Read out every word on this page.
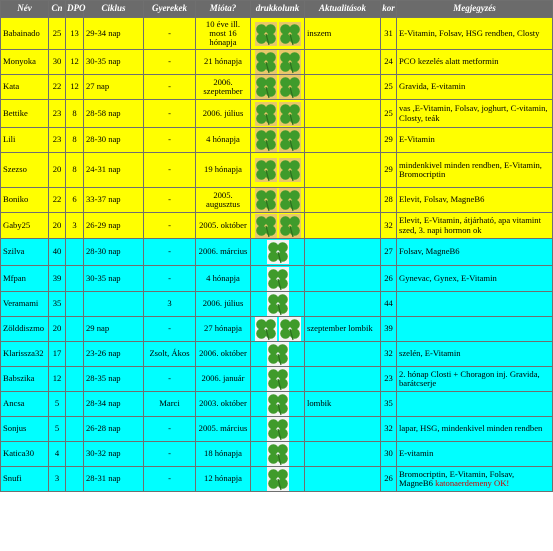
Név	Cn	DPO	Ciklus	Gyerekek	Mióta?	drukkolunk	Aktualitások	kor	Megjegyzés
Babainado	25	13	29-34 nap	-	10 éve ill. most 16 hónapja		inszem	31	E-Vitamin, Folsav, HSG rendben, Closty
Monyoka	30	12	30-35 nap	-	21 hónapja			24	PCO kezelés alatt metformin
Kata	22	12	27 nap	-	2006. szeptember			25	Gravida, E-vitamin
Bettike	23	8	28-58 nap	-	2006. július			25	vas ,E-Vitamin, Folsav, joghurt, C-vitamin, Closty, teák
Lili	23	8	28-30 nap	-	4 hónapja			29	E-Vitamin
Szezso	20	8	24-31 nap	-	19 hónapja			29	mindenkivel minden rendben, E-Vitamin, Bromocriptin
Boniko	22	6	33-37 nap	-	2005. augusztus			28	Elevit, Folsav, MagneB6
Gaby25	20	3	26-29 nap	-	2005. október			32	Elevit, E-Vitamin, átjárható, apa vitamint szed, 3. napi hormon ok
Szilva	40		28-30 nap	-	2006. március			27	Folsav, MagneB6
Mfpan	39		30-35 nap	-	4 hónapja			26	Gynevac, Gynex, E-Vitamin
Veramami	35			3	2006. július			44	
Zölddiszmo	20		29 nap	-	27 hónapja		szeptember lombik	39	
Klarissza32	17		23-26 nap	Zsolt, Ákos	2006. október			32	szelén, E-Vitamin
Babszika	12		28-35 nap	-	2006. január			23	2. hónap Closti + Choragon inj. Gravida, barátcserje
Ancsa	5		28-34 nap	Marci	2003. október		lombik	35	
Sonjus	5		26-28 nap	-	2005. március			32	lapar, HSG, mindenkivel minden rendben
Katica30	4		30-32 nap	-	18 hónapja			30	E-vitamin
Snufi	3		28-31 nap	-	12 hónapja			26	Bromocriptin, E-Vitamin, Folsav, MagneB6 katonaerdemeny OK!
